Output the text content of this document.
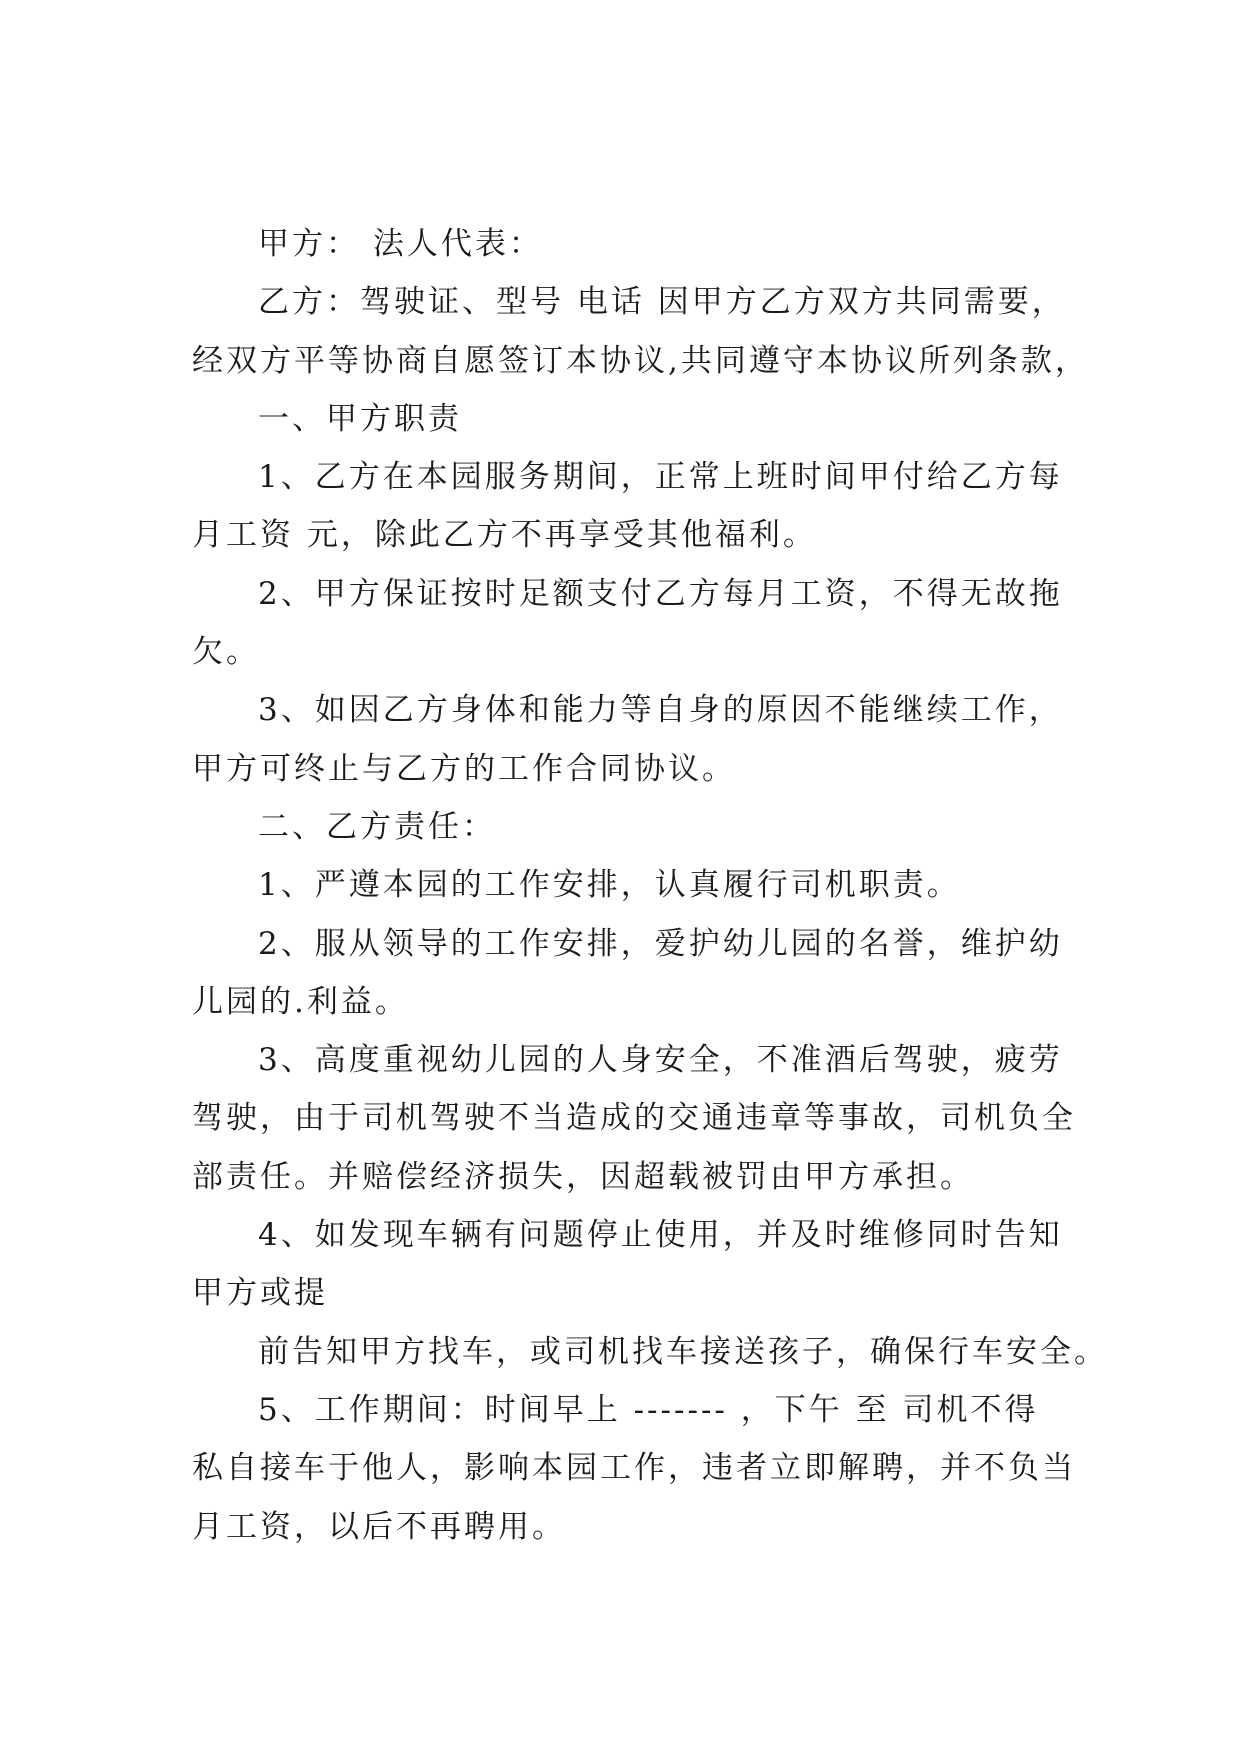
甲方： 法人代表：

乙方：驾驶证、型号 电话 因甲方乙方双方共同需要，

经双方平等协商自愿签订本协议,共同遵守本协议所列条款，

一、甲方职责

1、乙方在本园服务期间，正常上班时间甲付给乙方每

月工资 元，除此乙方不再享受其他福利。

2、甲方保证按时足额支付乙方每月工资，不得无故拖

欠。

3、如因乙方身体和能力等自身的原因不能继续工作，

甲方可终止与乙方的工作合同协议。

二、乙方责任：

1、严遵本园的工作安排，认真履行司机职责。

2、服从领导的工作安排，爱护幼儿园的名誉，维护幼

儿园的.利益。

3、高度重视幼儿园的人身安全，不准酒后驾驶，疲劳

驾驶，由于司机驾驶不当造成的交通违章等事故，司机负全

部责任。并赔偿经济损失，因超载被罚由甲方承担。

4、如发现车辆有问题停止使用，并及时维修同时告知

甲方或提

前告知甲方找车，或司机找车接送孩子，确保行车安全。

5、工作期间：时间早上 ------- ，下午 至 司机不得

私自接车于他人，影响本园工作，违者立即解聘，并不负当

月工资，以后不再聘用。
